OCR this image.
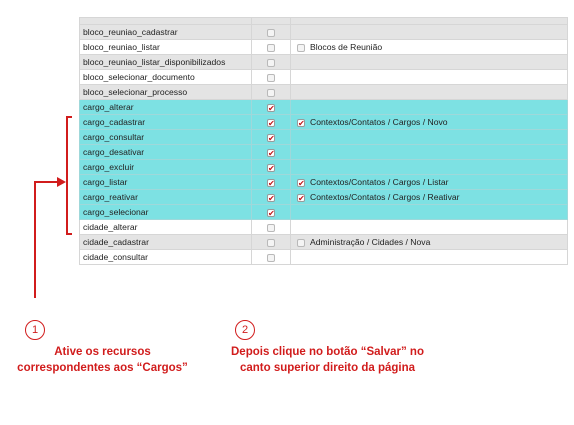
bloco_reuniao_cadastrar		
bloco_reuniao_listar		Blocos de Reunião
bloco_reuniao_listar_disponibilizados		
bloco_selecionar_documento		
bloco_selecionar_processo		
cargo_alterar	✔	
cargo_cadastrar	✔	✔Contextos/Contatos / Cargos / Novo
cargo_consultar	✔	
cargo_desativar	✔	
cargo_excluir	✔	
cargo_listar	✔	✔Contextos/Contatos / Cargos / Listar
cargo_reativar	✔	✔Contextos/Contatos / Cargos / Reativar
cargo_selecionar	✔	
cidade_alterar		
cidade_cadastrar		Administração / Cidades / Nova
cidade_consultar		
1
Ative os recursos
correspondentes aos “Cargos”
2
Depois clique no botão “Salvar” no
canto superior direito da página
